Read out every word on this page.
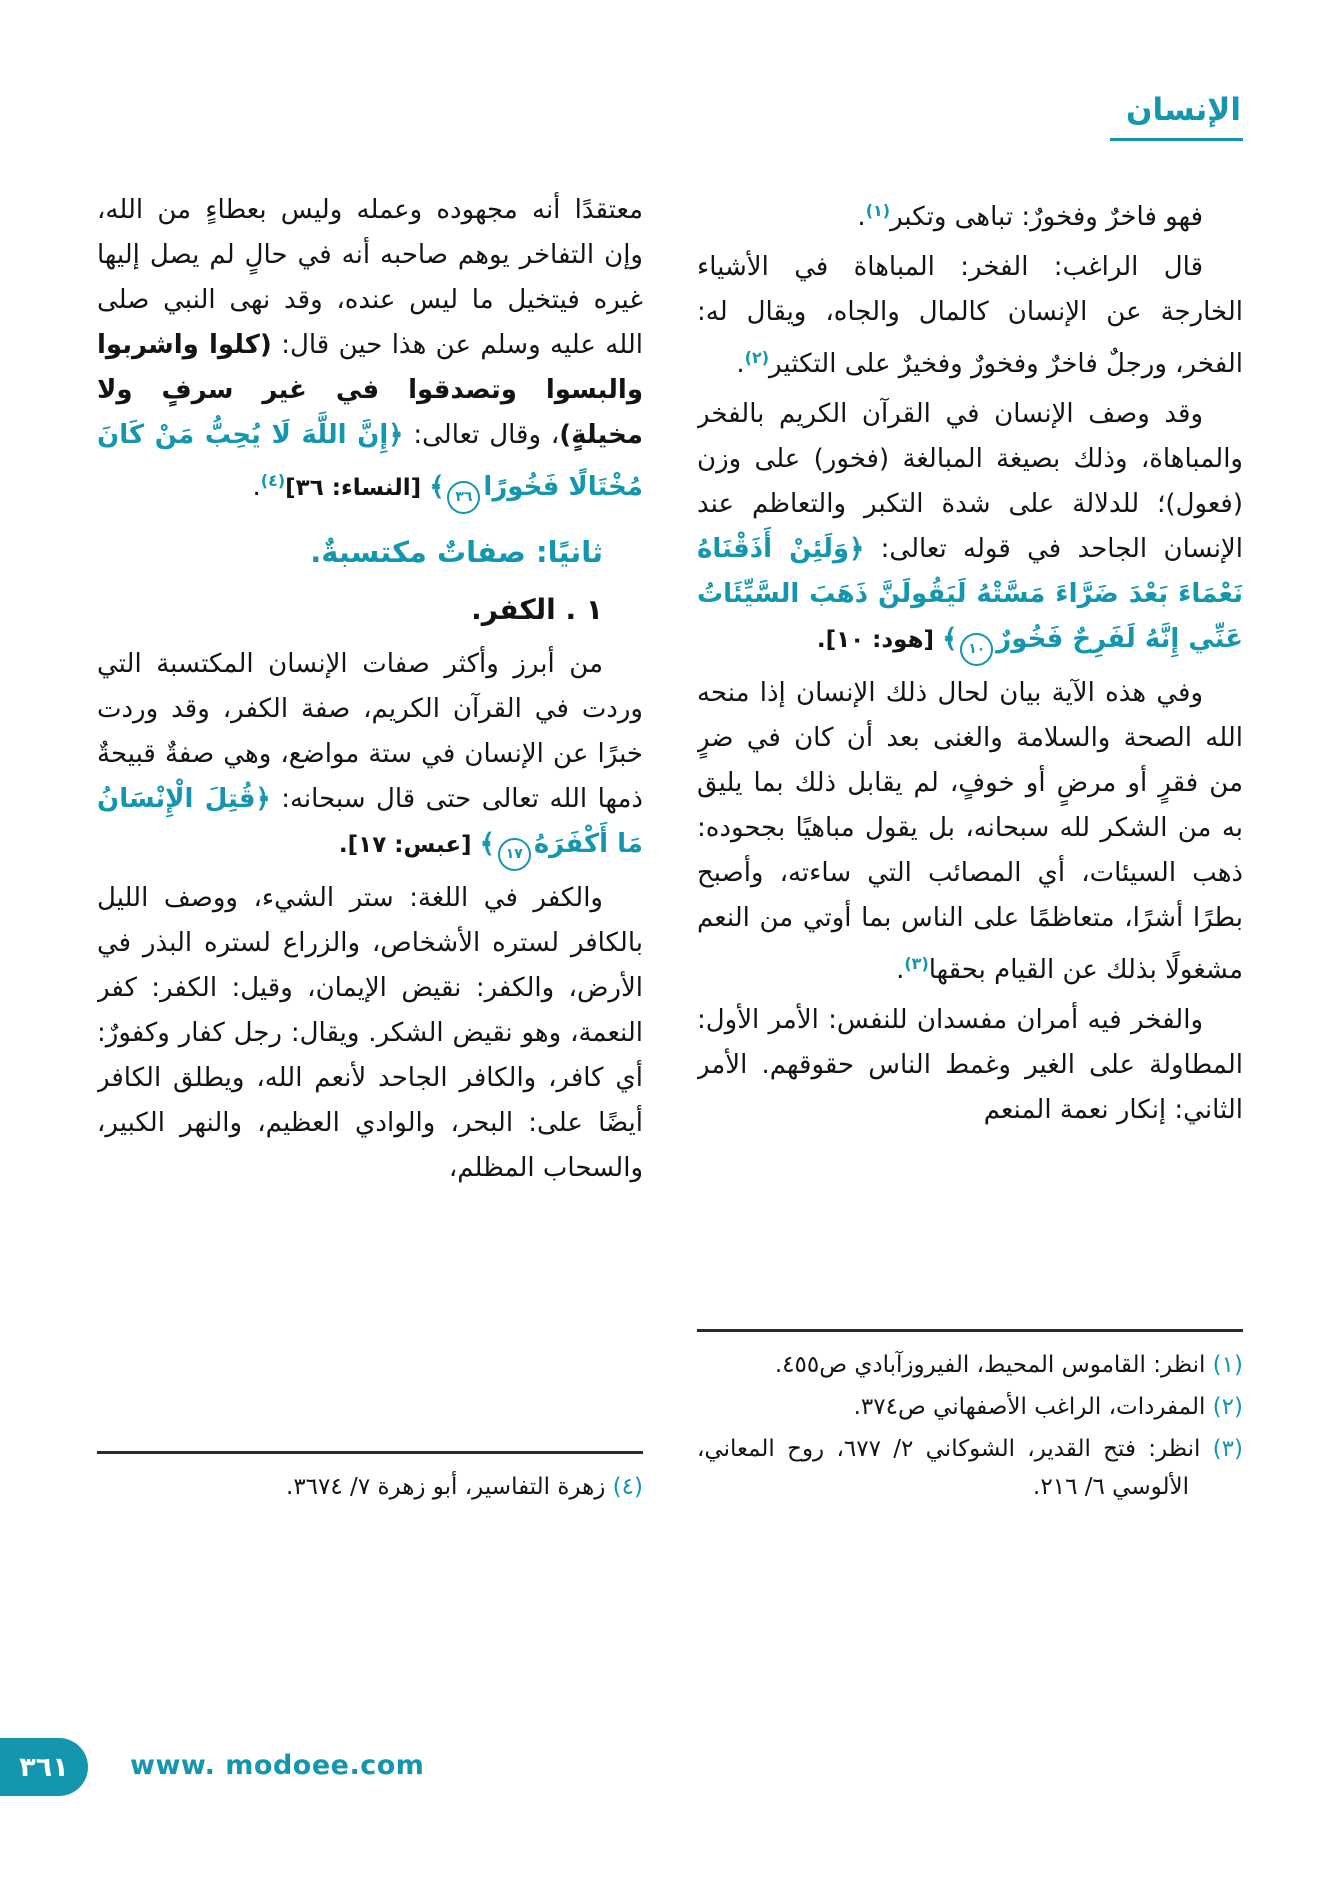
الإنسان

فهو فاخرٌ وفخورٌ: تباهى وتكبر$^{(١)}$.

قال الراغب: الفخر: المباهاة في الأشياء الخارجة عن الإنسان كالمال والجاه، ويقال له: الفخر، ورجلٌ فاخرٌ وفخورٌ وفخيرٌ على التكثير$^{(٢)}$.

وقد وصف الإنسان في القرآن الكريم بالفخر والمباهاة، وذلك بصيغة المبالغة (فخور) على وزن (فعول)؛ للدلالة على شدة التكبر والتعاظم عند الإنسان الجاحد في قوله تعالى: ﴿وَلَئِنْ أَذَقْنَاهُ نَعْمَاءَ بَعْدَ ضَرَّاءَ مَسَّتْهُ لَيَقُولَنَّ ذَهَبَ السَّيِّئَاتُ عَنِّي إِنَّهُ لَفَرِحٌ فَخُورٌ١٠﴾ [هود: ١٠].

وفي هذه الآية بيان لحال ذلك الإنسان إذا منحه الله الصحة والسلامة والغنى بعد أن كان في ضرٍ من فقرٍ أو مرضٍ أو خوفٍ، لم يقابل ذلك بما يليق به من الشكر لله سبحانه، بل يقول مباهيًا بجحوده: ذهب السيئات، أي المصائب التي ساءته، وأصبح بطرًا أشرًا، متعاظمًا على الناس بما أوتي من النعم مشغولًا بذلك عن القيام بحقها$^{(٣)}$.

والفخر فيه أمران مفسدان للنفس: الأمر الأول: المطاولة على الغير وغمط الناس حقوقهم. الأمر الثاني: إنكار نعمة المنعم

(١) انظر: القاموس المحيط، الفيروزآبادي ص٤٥٥.

(٢) المفردات، الراغب الأصفهاني ص٣٧٤.

(٣) انظر: فتح القدير، الشوكاني ٢/ ٦٧٧، روح المعاني، الألوسي ٦/ ٢١٦.

معتقدًا أنه مجهوده وعمله وليس بعطاءٍ من الله، وإن التفاخر يوهم صاحبه أنه في حالٍ لم يصل إليها غيره فيتخيل ما ليس عنده، وقد نهى النبي صلى الله عليه وسلم عن هذا حين قال: (كلوا واشربوا والبسوا وتصدقوا في غير سرفٍ ولا مخيلةٍ)، وقال تعالى: ﴿إِنَّ اللَّهَ لَا يُحِبُّ مَنْ كَانَ مُخْتَالًا فَخُورًا٣٦﴾ [النساء: ٣٦]$^{(٤)}$.

ثانيًا: صفاتٌ مكتسبةٌ.

١ . الكفر.

من أبرز وأكثر صفات الإنسان المكتسبة التي وردت في القرآن الكريم، صفة الكفر، وقد وردت خبرًا عن الإنسان في ستة مواضع، وهي صفةٌ قبيحةٌ ذمها الله تعالى حتى قال سبحانه: ﴿قُتِلَ الْإِنْسَانُ مَا أَكْفَرَهُ١٧﴾ [عبس: ١٧].

والكفر في اللغة: ستر الشيء، ووصف الليل بالكافر لستره الأشخاص، والزراع لستره البذر في الأرض، والكفر: نقيض الإيمان، وقيل: الكفر: كفر النعمة، وهو نقيض الشكر. ويقال: رجل كفار وكفورٌ: أي كافر، والكافر الجاحد لأنعم الله، ويطلق الكافر أيضًا على: البحر، والوادي العظيم، والنهر الكبير، والسحاب المظلم،

(٤) زهرة التفاسير، أبو زهرة ٧/ ٣٦٧٤.

٣٦١ www. modoee.com
